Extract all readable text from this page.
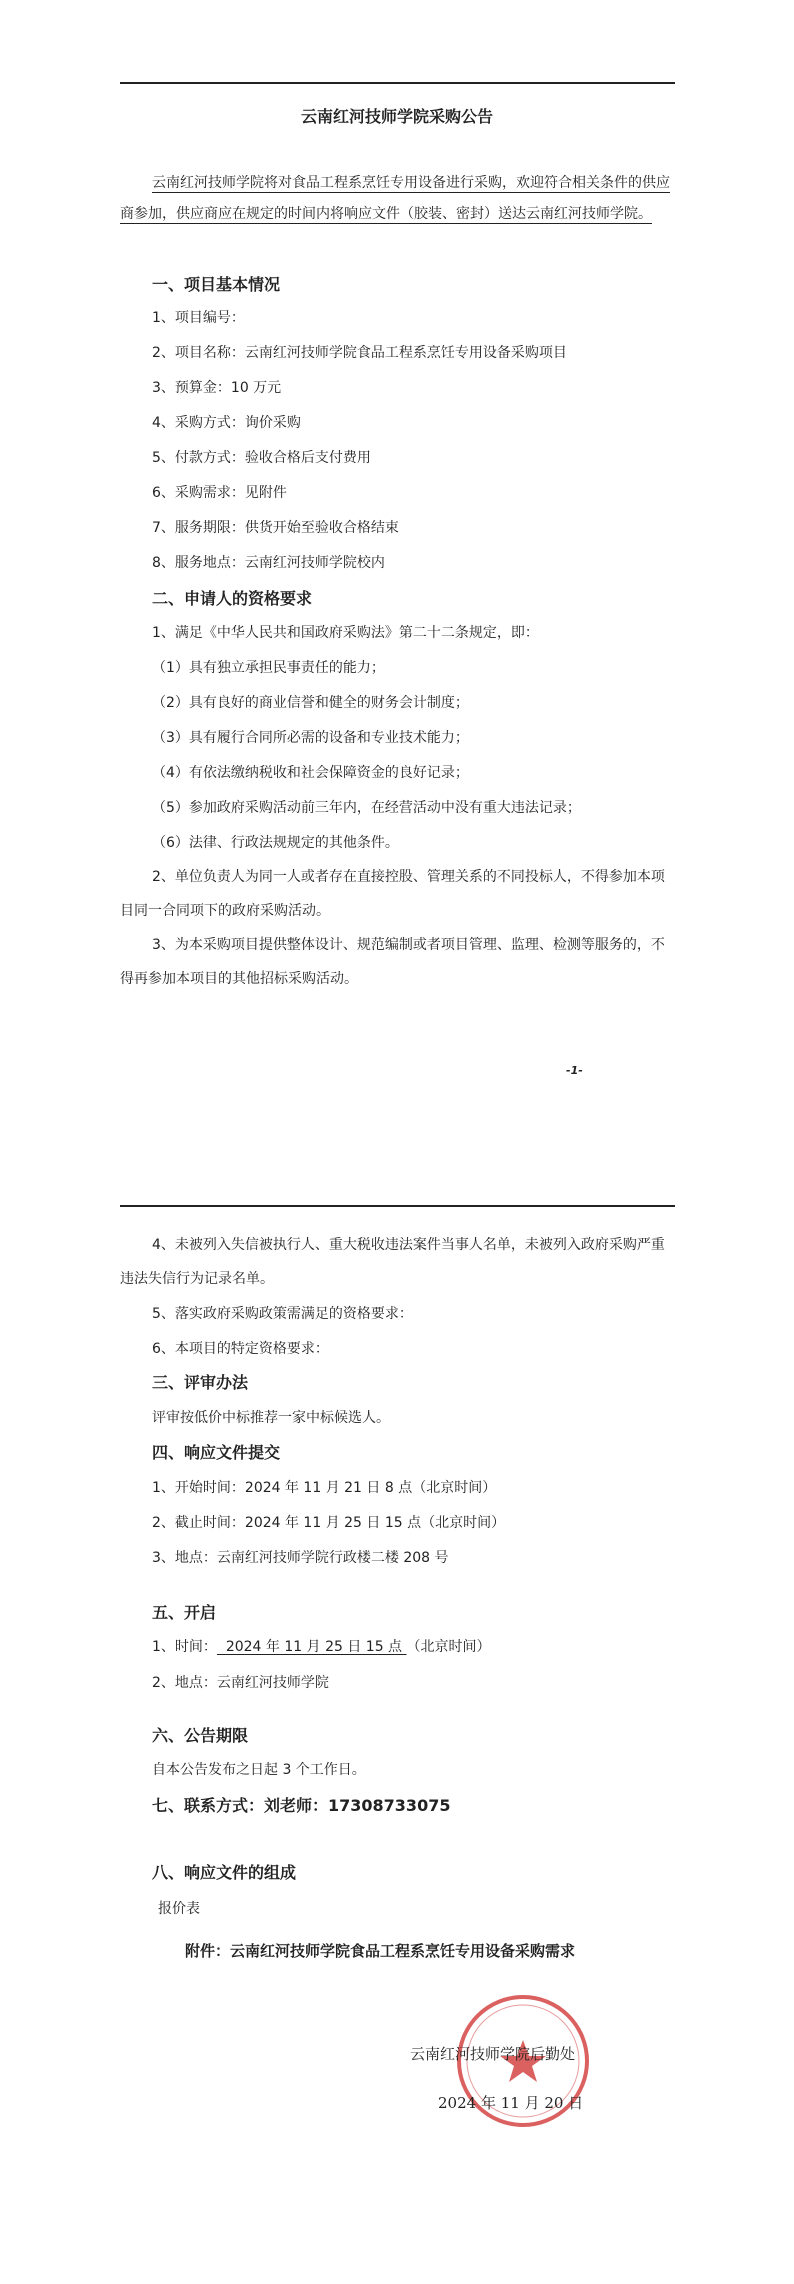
云南红河技师学院采购公告
云南红河技师学院将对食品工程系烹饪专用设备进行采购，欢迎符合相关条件的供应商参加，供应商应在规定的时间内将响应文件（胶装、密封）送达云南红河技师学院。
一、项目基本情况
1、项目编号：
2、项目名称：云南红河技师学院食品工程系烹饪专用设备采购项目
3、预算金：10 万元
4、采购方式：询价采购
5、付款方式：验收合格后支付费用
6、采购需求：见附件
7、服务期限：供货开始至验收合格结束
8、服务地点：云南红河技师学院校内
二、申请人的资格要求
1、满足《中华人民共和国政府采购法》第二十二条规定，即：
（1）具有独立承担民事责任的能力；
（2）具有良好的商业信誉和健全的财务会计制度；
（3）具有履行合同所必需的设备和专业技术能力；
（4）有依法缴纳税收和社会保障资金的良好记录；
（5）参加政府采购活动前三年内，在经营活动中没有重大违法记录；
（6）法律、行政法规规定的其他条件。
2、单位负责人为同一人或者存在直接控股、管理关系的不同投标人，不得参加本项目同一合同项下的政府采购活动。
3、为本采购项目提供整体设计、规范编制或者项目管理、监理、检测等服务的，不得再参加本项目的其他招标采购活动。
-1-
4、未被列入失信被执行人、重大税收违法案件当事人名单，未被列入政府采购严重违法失信行为记录名单。
5、落实政府采购政策需满足的资格要求：
6、本项目的特定资格要求：
三、评审办法
评审按低价中标推荐一家中标候选人。
四、响应文件提交
1、开始时间：2024 年 11 月 21 日 8 点（北京时间）
2、截止时间：2024 年 11 月 25 日 15 点（北京时间）
3、地点：云南红河技师学院行政楼二楼 208 号
五、开启
1、时间：  2024 年 11 月 25 日 15 点 （北京时间）
2、地点：云南红河技师学院
六、公告期限
自本公告发布之日起 3 个工作日。
七、联系方式：刘老师：17308733075
八、响应文件的组成
报价表
附件：云南红河技师学院食品工程系烹饪专用设备采购需求
云南红河技师学院后勤处
2024 年 11 月 20 日
